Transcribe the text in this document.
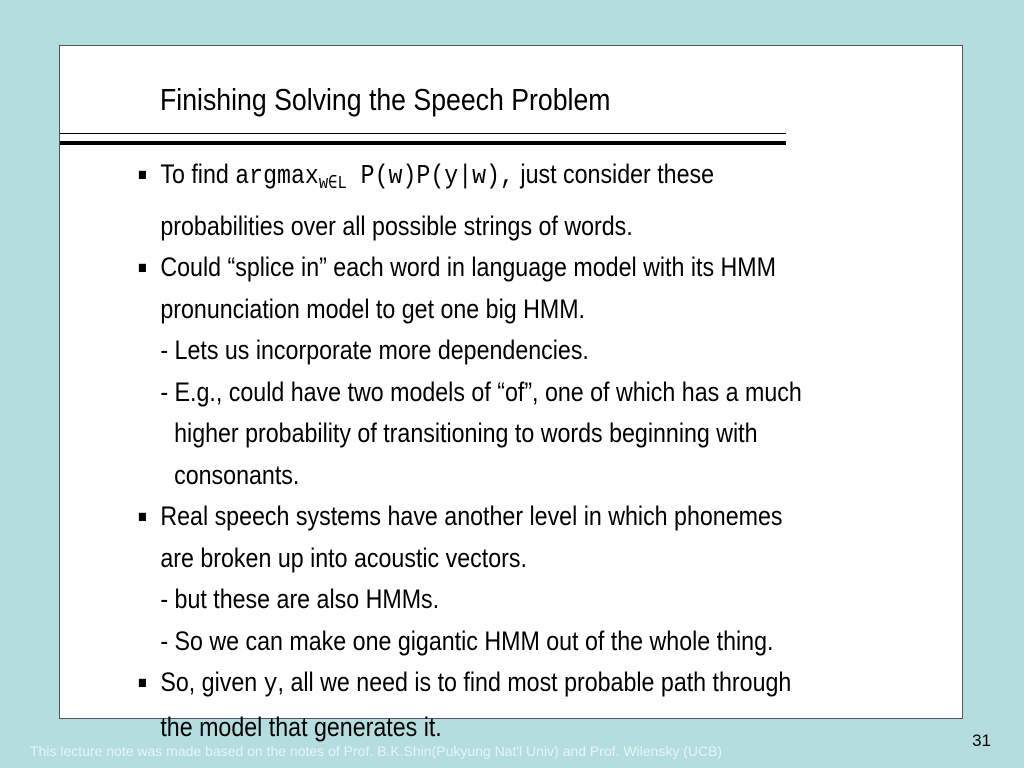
Finishing Solving the Speech Problem

■ To find argmax$_{w\in L}$ P(w)P(y|w), just consider these probabilities over all possible strings of words.

■ Could “splice in” each word in language model with its HMM pronunciation model to get one big HMM.

- Lets us incorporate more dependencies.

- E.g., could have two models of “of”, one of which has a much higher probability of transitioning to words beginning with consonants.

■ Real speech systems have another level in which phonemes are broken up into acoustic vectors.

- but these are also HMMs.

- So we can make one gigantic HMM out of the whole thing.

■ So, given y, all we need is to find most probable path through the model that generates it.

This lecture note was made based on the notes of Prof. B.K.Shin(Pukyung Nat'l Univ) and Prof. Wilensky (UCB)
31
